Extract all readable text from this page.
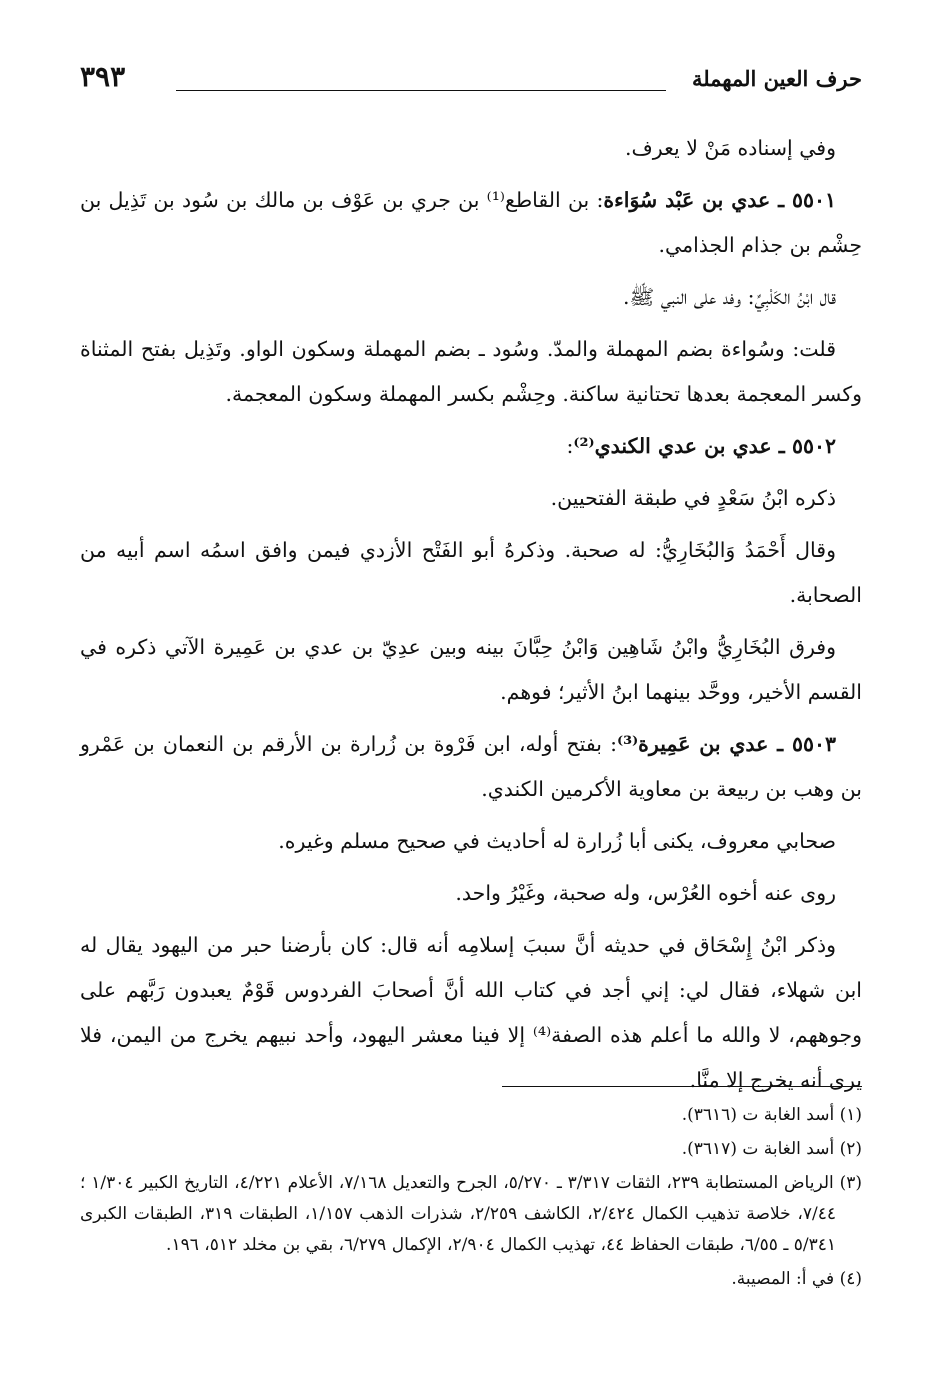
حرف العين المهملة
٣٩٣

وفي إسناده مَنْ لا يعرف.

٥٥٠١ ـ عدي بن عَبْد سُوَاءة: بن القاطع⁽¹⁾ بن جري بن عَوْف بن مالك بن سُود بن تَذِيل بن حِشْم بن جذام الجذامي.

قال ابْنُ الكَلْبِيِّ: وفد على النبي ﷺ.

قلت: وسُواءة بضم المهملة والمدّ. وسُود ـ بضم المهملة وسكون الواو. وتَذِيل بفتح المثناة وكسر المعجمة بعدها تحتانية ساكنة. وحِشْم بكسر المهملة وسكون المعجمة.

٥٥٠٢ ـ عدي بن عدي الكندي⁽²⁾:

ذكره ابْنُ سَعْدٍ في طبقة الفتحيين.

وقال أَحْمَدُ وَالبُخَارِيُّ: له صحبة. وذكرهُ أبو الفَتْح الأزدي فيمن وافق اسمُه اسم أبيه من الصحابة.

وفرق البُخَارِيُّ وابْنُ شَاهِين وَابْنُ حِبَّانَ بينه وبين عدِيّ بن عدي بن عَمِيرة الآتي ذكره في القسم الأخير، ووحَّد بينهما ابنُ الأثير؛ فوهم.

٥٥٠٣ ـ عدي بن عَمِيرة⁽³⁾: بفتح أوله، ابن فَرْوة بن زُرارة بن الأرقم بن النعمان بن عَمْرو بن وهب بن ربيعة بن معاوية الأكرمين الكندي.

صحابي معروف، يكنى أبا زُرارة له أحاديث في صحيح مسلم وغيره.

روى عنه أخوه العُرْس، وله صحبة، وغَيْرُ واحد.

وذكر ابْنُ إِسْحَاق في حديثه أنَّ سببَ إسلامِه أنه قال: كان بأرضنا حبر من اليهود يقال له ابن شهلاء، فقال لي: إني أجد في كتاب الله أنَّ أصحابَ الفردوس قَوْمٌ يعبدون رَبَّهم على وجوههم، لا والله ما أعلم هذه الصفة⁽⁴⁾ إلا فينا معشر اليهود، وأحد نبيهم يخرج من اليمن، فلا يرى أنه يخرج إلا منَّا.

(١) أسد الغابة ت (٣٦١٦).

(٢) أسد الغابة ت (٣٦١٧).

(٣) الرياض المستطابة ٢٣٩، الثقات ٣/٣١٧ ـ ٥/٢٧٠، الجرح والتعديل ٧/١٦٨، الأعلام ٤/٢٢١، التاريخ الكبير ١/٣٠٤ ؛ ٧/٤٤، خلاصة تذهيب الكمال ٢/٤٢٤، الكاشف ٢/٢٥٩، شذرات الذهب ١/١٥٧، الطبقات ٣١٩، الطبقات الكبرى ٥/٣٤١ ـ ٦/٥٥، طبقات الحفاظ ٤٤، تهذيب الكمال ٢/٩٠٤، الإكمال ٦/٢٧٩، بقي بن مخلد ٥١٢، ١٩٦.

(٤) في أ: المصيبة.
